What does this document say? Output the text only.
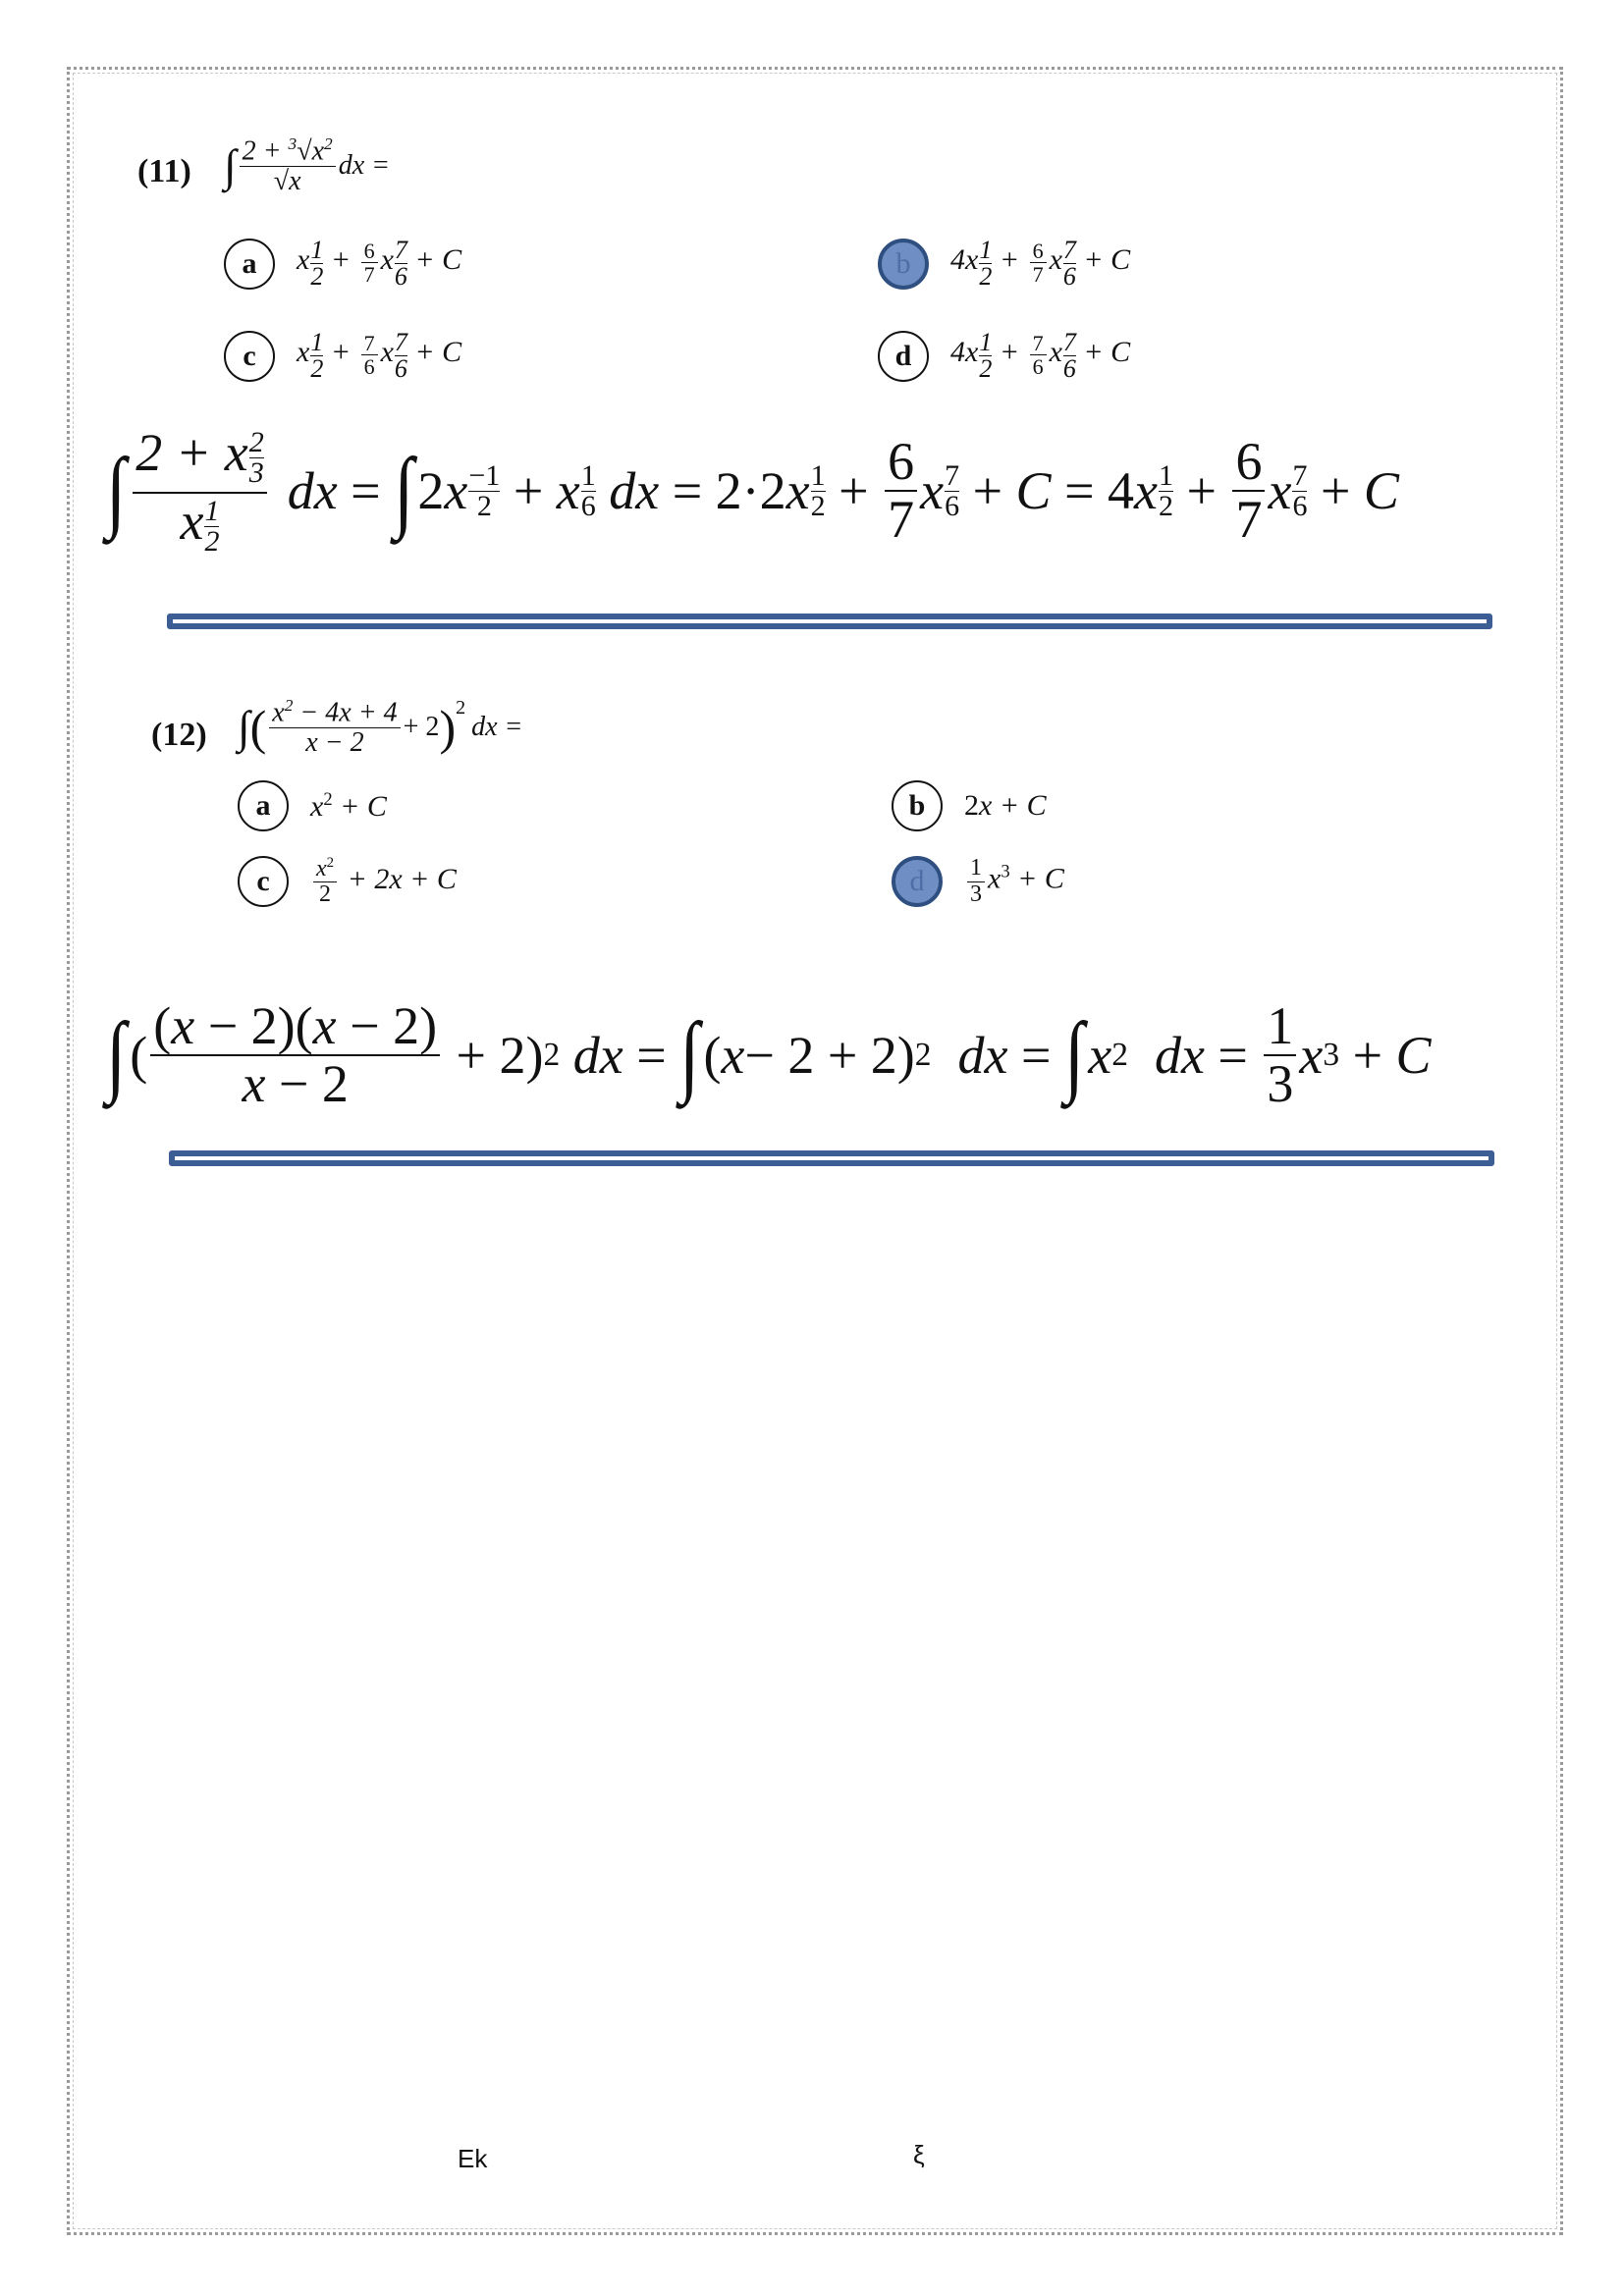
(11) ∫ $\frac{2 + ^3√x^2}{√x}$ dx =
a	x $\frac{1}{2} + \frac{6}{7}$ x $\frac{7}{6} + C$	b	$4x \frac{1}{2} + \frac{6}{7}$ x $\frac{7}{6} + C$
c	x $\frac{1}{2} + \frac{7}{6}$ x $\frac{7}{6} + C$	d	$4x \frac{1}{2} + \frac{7}{6}$ x $\frac{7}{6} + C$
∫ $\frac{2 + x \frac{2}{3}}{x \frac{1}{2}}$ dx = ∫ 2 x −1
2 + x 1
6
dx = 2·2 x 1
$2 + \frac{6}{7}$ x 7
6 + C = 4 x 1
$2 + \frac{6}{7}$ x 7
6 + C
(12) ∫ ( $\frac{x^2 - 4x + 4}{x - 2} + 2$ )$^2$
dx =
a	$x^2 + C$	b	2x + C
c	$\frac{x^2}{2} + 2x + C$	d	$\frac{1}{3} x^3 + C$
∫ ( $\frac{(x - 2)(x - 2)}{x - 2} + 2$) 2
dx = ∫ ( x − 2 + 2) 2
dx = ∫ x 2
dx = $\frac{1}{3}$ x 3 + C
Ek	ξ
